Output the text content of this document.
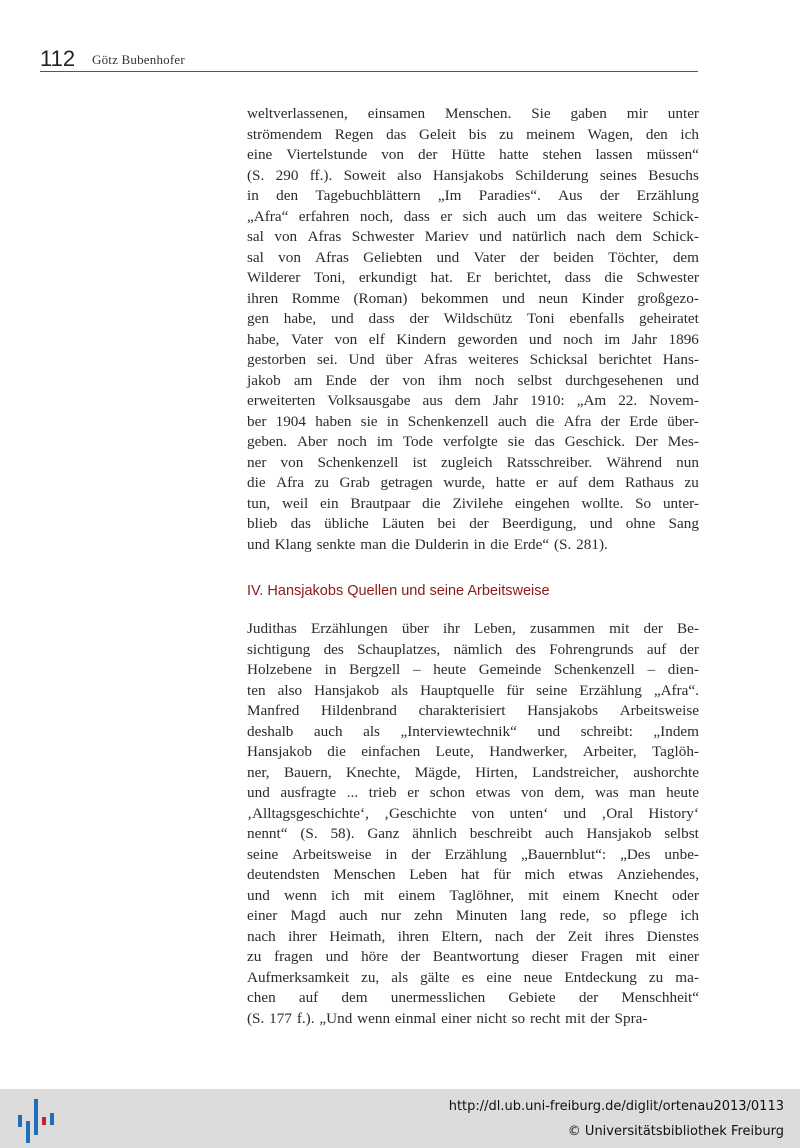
112 Götz Bubenhofer
weltverlassenen, einsamen Menschen. Sie gaben mir unter
strömendem Regen das Geleit bis zu meinem Wagen, den ich
eine Viertelstunde von der Hütte hatte stehen lassen müssen“
(S. 290 ff.). Soweit also Hansjakobs Schilderung seines Besuchs
in den Tagebuchblättern „Im Paradies“. Aus der Erzählung
„Afra“ erfahren noch, dass er sich auch um das weitere Schick-
sal von Afras Schwester Mariev und natürlich nach dem Schick-
sal von Afras Geliebten und Vater der beiden Töchter, dem
Wilderer Toni, erkundigt hat. Er berichtet, dass die Schwester
ihren Romme (Roman) bekommen und neun Kinder großgezo-
gen habe, und dass der Wildschütz Toni ebenfalls geheiratet
habe, Vater von elf Kindern geworden und noch im Jahr 1896
gestorben sei. Und über Afras weiteres Schicksal berichtet Hans-
jakob am Ende der von ihm noch selbst durchgesehenen und
erweiterten Volksausgabe aus dem Jahr 1910: „Am 22. Novem-
ber 1904 haben sie in Schenkenzell auch die Afra der Erde über-
geben. Aber noch im Tode verfolgte sie das Geschick. Der Mes-
ner von Schenkenzell ist zugleich Ratsschreiber. Während nun
die Afra zu Grab getragen wurde, hatte er auf dem Rathaus zu
tun, weil ein Brautpaar die Zivilehe eingehen wollte. So unter-
blieb das übliche Läuten bei der Beerdigung, und ohne Sang
und Klang senkte man die Dulderin in die Erde“ (S. 281).
IV. Hansjakobs Quellen und seine Arbeitsweise
Judithas Erzählungen über ihr Leben, zusammen mit der Be-
sichtigung des Schauplatzes, nämlich des Fohrengrunds auf der
Holzebene in Bergzell – heute Gemeinde Schenkenzell – dien-
ten also Hansjakob als Hauptquelle für seine Erzählung „Afra“.
Manfred Hildenbrand charakterisiert Hansjakobs Arbeitsweise
deshalb auch als „Interviewtechnik“ und schreibt: „Indem
Hansjakob die einfachen Leute, Handwerker, Arbeiter, Taglöh-
ner, Bauern, Knechte, Mägde, Hirten, Landstreicher, aushorchte
und ausfragte ... trieb er schon etwas von dem, was man heute
‚Alltagsgeschichte‘, ‚Geschichte von unten‘ und ‚Oral History‘
nennt“ (S. 58). Ganz ähnlich beschreibt auch Hansjakob selbst
seine Arbeitsweise in der Erzählung „Bauernblut“: „Des unbe-
deutendsten Menschen Leben hat für mich etwas Anziehendes,
und wenn ich mit einem Taglöhner, mit einem Knecht oder
einer Magd auch nur zehn Minuten lang rede, so pflege ich
nach ihrer Heimath, ihren Eltern, nach der Zeit ihres Dienstes
zu fragen und höre der Beantwortung dieser Fragen mit einer
Aufmerksamkeit zu, als gälte es eine neue Entdeckung zu ma-
chen auf dem unermesslichen Gebiete der Menschheit“
(S. 177 f.). „Und wenn einmal einer nicht so recht mit der Spra-
http://dl.ub.uni-freiburg.de/diglit/ortenau2013/0113
© Universitätsbibliothek Freiburg
